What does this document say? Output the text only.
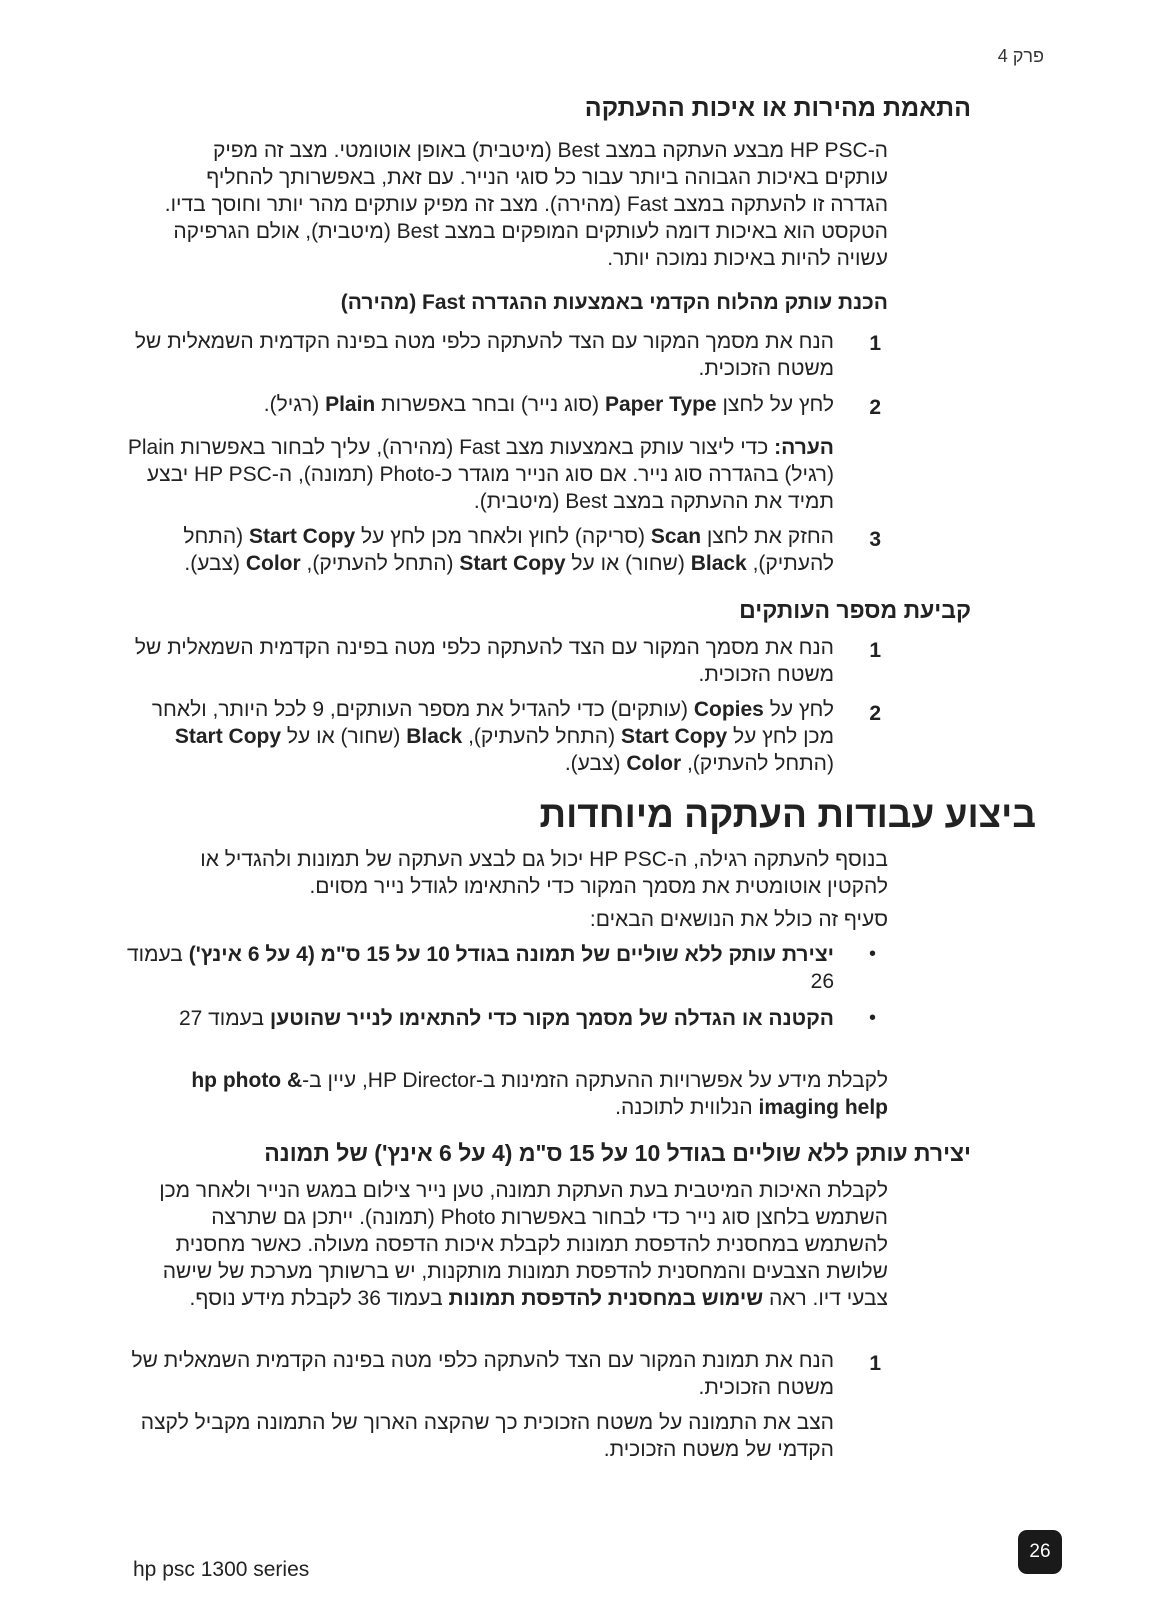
פרק 4
התאמת מהירות או איכות ההעתקה
ה-HP PSC מבצע העתקה במצב Best (מיטבית) באופן אוטומטי. מצב זה מפיק עותקים באיכות הגבוהה ביותר עבור כל סוגי הנייר. עם זאת, באפשרותך להחליף הגדרה זו להעתקה במצב Fast (מהירה). מצב זה מפיק עותקים מהר יותר וחוסך בדיו. הטקסט הוא באיכות דומה לעותקים המופקים במצב Best (מיטבית), אולם הגרפיקה עשויה להיות באיכות נמוכה יותר.
הכנת עותק מהלוח הקדמי באמצעות ההגדרה Fast (מהירה)
1
הנח את מסמך המקור עם הצד להעתקה כלפי מטה בפינה הקדמית השמאלית של משטח הזכוכית.
2
לחץ על לחצן Paper Type (סוג נייר) ובחר באפשרות Plain (רגיל).
הערה: כדי ליצור עותק באמצעות מצב Fast (מהירה), עליך לבחור באפשרות Plain (רגיל) בהגדרה סוג נייר. אם סוג הנייר מוגדר כ-Photo (תמונה), ה-HP PSC יבצע תמיד את ההעתקה במצב Best (מיטבית).
3
החזק את לחצן Scan (סריקה) לחוץ ולאחר מכן לחץ על Start Copy (התחל להעתיק), Black (שחור) או על Start Copy (התחל להעתיק), Color (צבע).
קביעת מספר העותקים
1
הנח את מסמך המקור עם הצד להעתקה כלפי מטה בפינה הקדמית השמאלית של משטח הזכוכית.
2
לחץ על Copies (עותקים) כדי להגדיל את מספר העותקים, 9 לכל היותר, ולאחר מכן לחץ על Start Copy (התחל להעתיק), Black (שחור) או על Start Copy (התחל להעתיק), Color (צבע).
ביצוע עבודות העתקה מיוחדות
בנוסף להעתקה רגילה, ה-HP PSC יכול גם לבצע העתקה של תמונות ולהגדיל או להקטין אוטומטית את מסמך המקור כדי להתאימו לגודל נייר מסוים.
סעיף זה כולל את הנושאים הבאים:
•
יצירת עותק ללא שוליים של תמונה בגודל 10 על 15 ס"מ (4 על 6 אינץ') בעמוד 26
•
הקטנה או הגדלה של מסמך מקור כדי להתאימו לנייר שהוטען בעמוד 27
לקבלת מידע על אפשרויות ההעתקה הזמינות ב-HP Director, עיין ב-hp photo & imaging help הנלווית לתוכנה.
יצירת עותק ללא שוליים בגודל 10 על 15 ס"מ (4 על 6 אינץ') של תמונה
לקבלת האיכות המיטבית בעת העתקת תמונה, טען נייר צילום במגש הנייר ולאחר מכן השתמש בלחצן סוג נייר כדי לבחור באפשרות Photo (תמונה). ייתכן גם שתרצה להשתמש במחסנית להדפסת תמונות לקבלת איכות הדפסה מעולה. כאשר מחסנית שלושת הצבעים והמחסנית להדפסת תמונות מותקנות, יש ברשותך מערכת של שישה צבעי דיו. ראה שימוש במחסנית להדפסת תמונות בעמוד 36 לקבלת מידע נוסף.
1
הנח את תמונת המקור עם הצד להעתקה כלפי מטה בפינה הקדמית השמאלית של משטח הזכוכית.
הצב את התמונה על משטח הזכוכית כך שהקצה הארוך של התמונה מקביל לקצה הקדמי של משטח הזכוכית.
hp psc 1300 series
26
